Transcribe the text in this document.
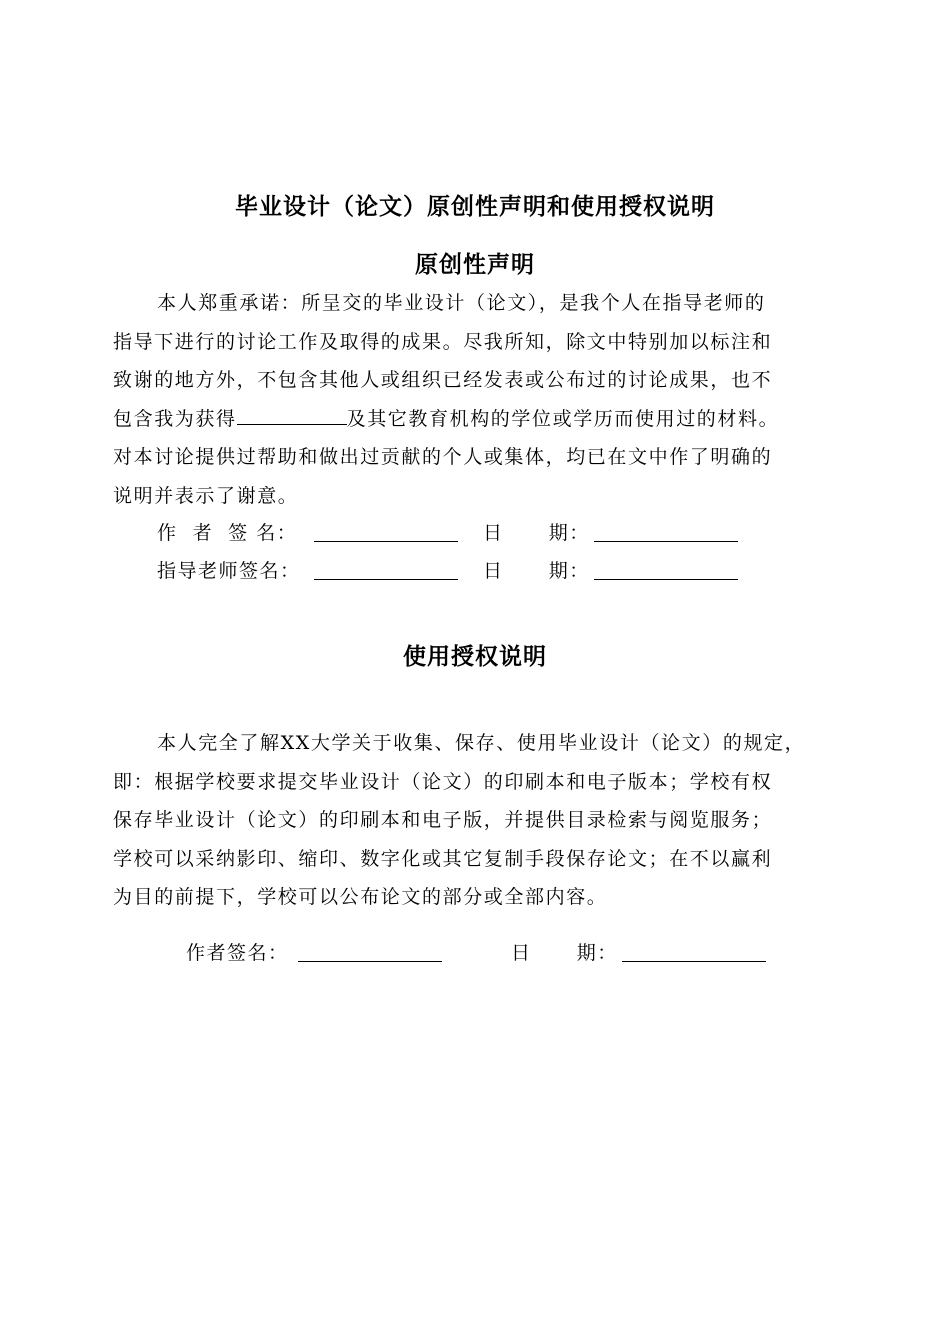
毕业设计（论文）原创性声明和使用授权说明
原创性声明
本人郑重承诺：所呈交的毕业设计（论文），是我个人在指导老师的
指导下进行的讨论工作及取得的成果。尽我所知，除文中特别加以标注和
致谢的地方外，不包含其他人或组织已经发表或公布过的讨论成果，也不
包含我为获得	及其它教育机构的学位或学历而使用过的材料。
对本讨论提供过帮助和做出过贡献的个人或集体，均已在文中作了明确的
说明并表示了谢意。
作  者  签 名：	日      期：
指导老师签名：	日      期：
使用授权说明
本人完全了解XX大学关于收集、保存、使用毕业设计（论文）的规定，
即：根据学校要求提交毕业设计（论文）的印刷本和电子版本；学校有权
保存毕业设计（论文）的印刷本和电子版，并提供目录检索与阅览服务；
学校可以采纳影印、缩印、数字化或其它复制手段保存论文；在不以赢利
为目的前提下，学校可以公布论文的部分或全部内容。
作者签名：	日      期：
